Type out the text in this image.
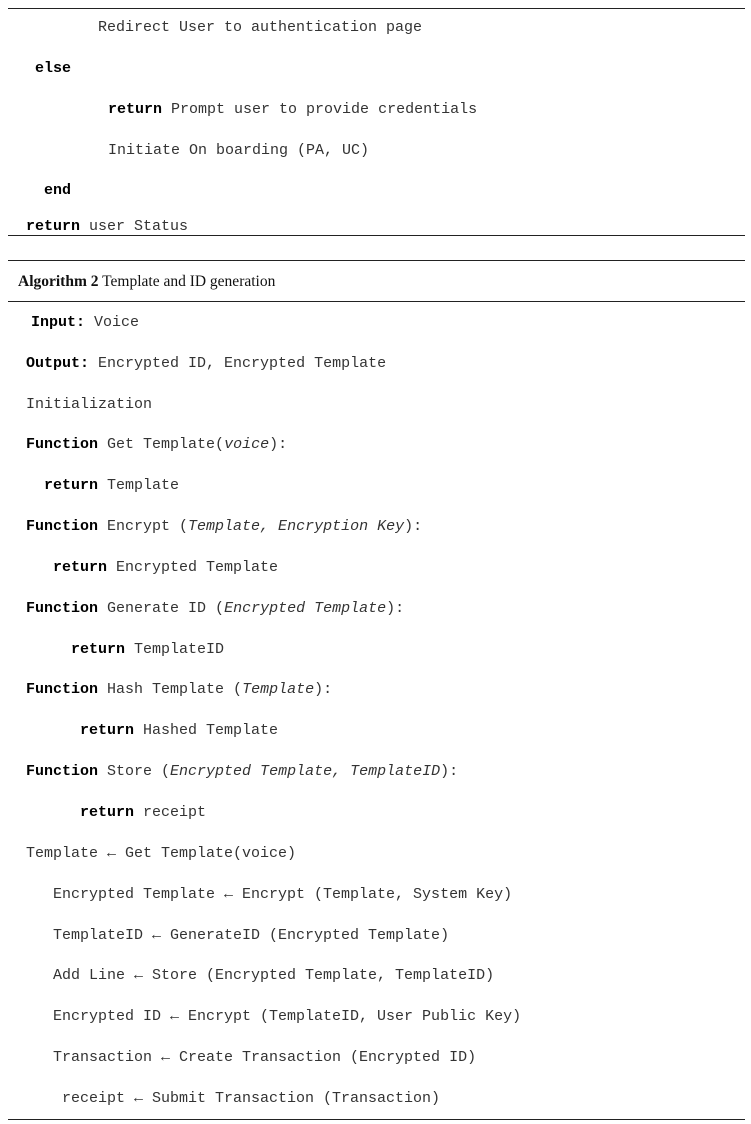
Redirect User to authentication page
else
return Prompt user to provide credentials
Initiate On boarding (PA, UC)
end
return user Status
Algorithm 2 Template and ID generation
Input: Voice
Output: Encrypted ID, Encrypted Template
Initialization
Function Get Template(voice):
return Template
Function Encrypt (Template, Encryption Key):
return Encrypted Template
Function Generate ID (Encrypted Template):
return TemplateID
Function Hash Template (Template):
return Hashed Template
Function Store (Encrypted Template, TemplateID):
return receipt
Template ← Get Template(voice)
Encrypted Template ← Encrypt (Template, System Key)
TemplateID ← GenerateID (Encrypted Template)
Add Line ← Store (Encrypted Template, TemplateID)
Encrypted ID ← Encrypt (TemplateID, User Public Key)
Transaction ← Create Transaction (Encrypted ID)
receipt ← Submit Transaction (Transaction)
